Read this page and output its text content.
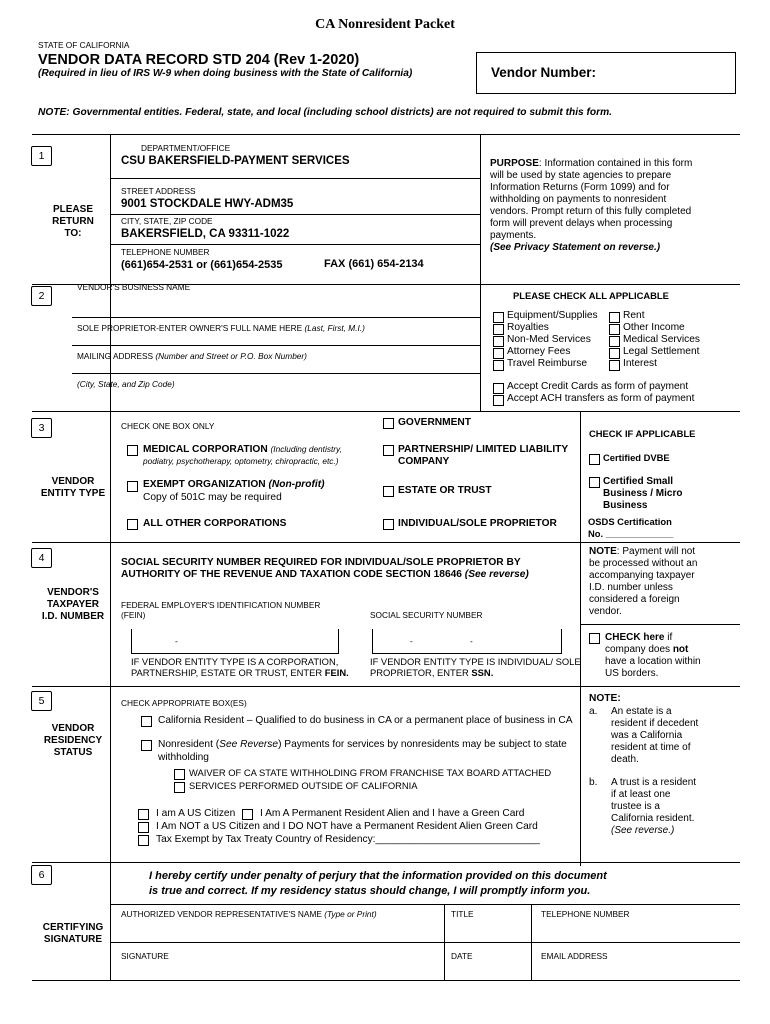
CA Nonresident Packet
STATE OF CALIFORNIA
VENDOR DATA RECORD STD 204 (Rev 1-2020)
(Required in lieu of IRS W-9 when doing business with the State of California)	Vendor Number:
NOTE: Governmental entities. Federal, state, and local (including school districts) are not required to submit this form.
1
PLEASE
RETURN
TO:
DEPARTMENT/OFFICE
CSU BAKERSFIELD-PAYMENT SERVICES
STREET ADDRESS
9001 STOCKDALE HWY-ADM35
CITY, STATE, ZIP CODE
BAKERSFIELD, CA 93311-1022
TELEPHONE NUMBER
(661)654-2531 or (661)654-2535	FAX (661) 654-2134
PURPOSE: Information contained in this form
will be used by state agencies to prepare
Information Returns (Form 1099) and for
withholding on payments to nonresident
vendors. Prompt return of this fully completed
form will prevent delays when processing
payments.
(See Privacy Statement on reverse.)
2
VENDOR'S BUSINESS NAME
SOLE PROPRIETOR-ENTER OWNER'S FULL NAME HERE (Last, First, M.I.)
MAILING ADDRESS (Number and Street or P.O. Box Number)
(City, State, and Zip Code)
PLEASE CHECK ALL APPLICABLE
Equipment/Supplies
Royalties
Non-Med Services
Attorney Fees
Travel Reimburse
Rent
Other Income
Medical Services
Legal Settlement
Interest
Accept Credit Cards as form of payment
Accept ACH transfers as form of payment
3
VENDOR
ENTITY TYPE
CHECK ONE BOX ONLY
MEDICAL CORPORATION (Including dentistry,
podiatry, psychotherapy, optometry, chiropractic, etc.)
EXEMPT ORGANIZATION (Non-profit)
Copy of 501C may be required
ALL OTHER CORPORATIONS
GOVERNMENT
PARTNERSHIP/ LIMITED LIABILITY
COMPANY
ESTATE OR TRUST
INDIVIDUAL/SOLE PROPRIETOR
CHECK IF APPLICABLE
Certified DVBE
Certified Small
Business / Micro
Business
OSDS Certification
No. _____________
4
VENDOR'S
TAXPAYER
I.D. NUMBER
SOCIAL SECURITY NUMBER REQUIRED FOR INDIVIDUAL/SOLE PROPRIETOR BY
AUTHORITY OF THE REVENUE AND TAXATION CODE SECTION 18646 (See reverse)
FEDERAL EMPLOYER'S IDENTIFICATION NUMBER
(FEIN)	SOCIAL SECURITY NUMBER
-	-	-
IF VENDOR ENTITY TYPE IS A CORPORATION,
PARTNERSHIP, ESTATE OR TRUST, ENTER FEIN.
IF VENDOR ENTITY TYPE IS INDIVIDUAL/ SOLE
PROPRIETOR, ENTER SSN.
NOTE: Payment will not
be processed without an
accompanying taxpayer
I.D. number unless
considered a foreign
vendor.
CHECK here if
company does not
have a location within
US borders.
5
VENDOR
RESIDENCY
STATUS
CHECK APPROPRIATE BOX(ES)
California Resident – Qualified to do business in CA or a permanent place of business in CA
Nonresident (See Reverse) Payments for services by nonresidents may be subject to state
withholding
WAIVER OF CA STATE WITHHOLDING FROM FRANCHISE TAX BOARD ATTACHED
SERVICES PERFORMED OUTSIDE OF CALIFORNIA
I am A US Citizen I Am A Permanent Resident Alien and I have a Green Card
I Am NOT a US Citizen and I DO NOT have a Permanent Resident Alien Green Card
Tax Exempt by Tax Treaty Country of Residency:_____________________________
NOTE:
a. An estate is a
resident if decedent
was a California
resident at time of
death.
b. A trust is a resident
if at least one
trustee is a
California resident.
(See reverse.)
6
CERTIFYING
SIGNATURE
I hereby certify under penalty of perjury that the information provided on this document
is true and correct. If my residency status should change, I will promptly inform you.
AUTHORIZED VENDOR REPRESENTATIVE'S NAME (Type or Print)	TITLE	TELEPHONE NUMBER
SIGNATURE	DATE	EMAIL ADDRESS
